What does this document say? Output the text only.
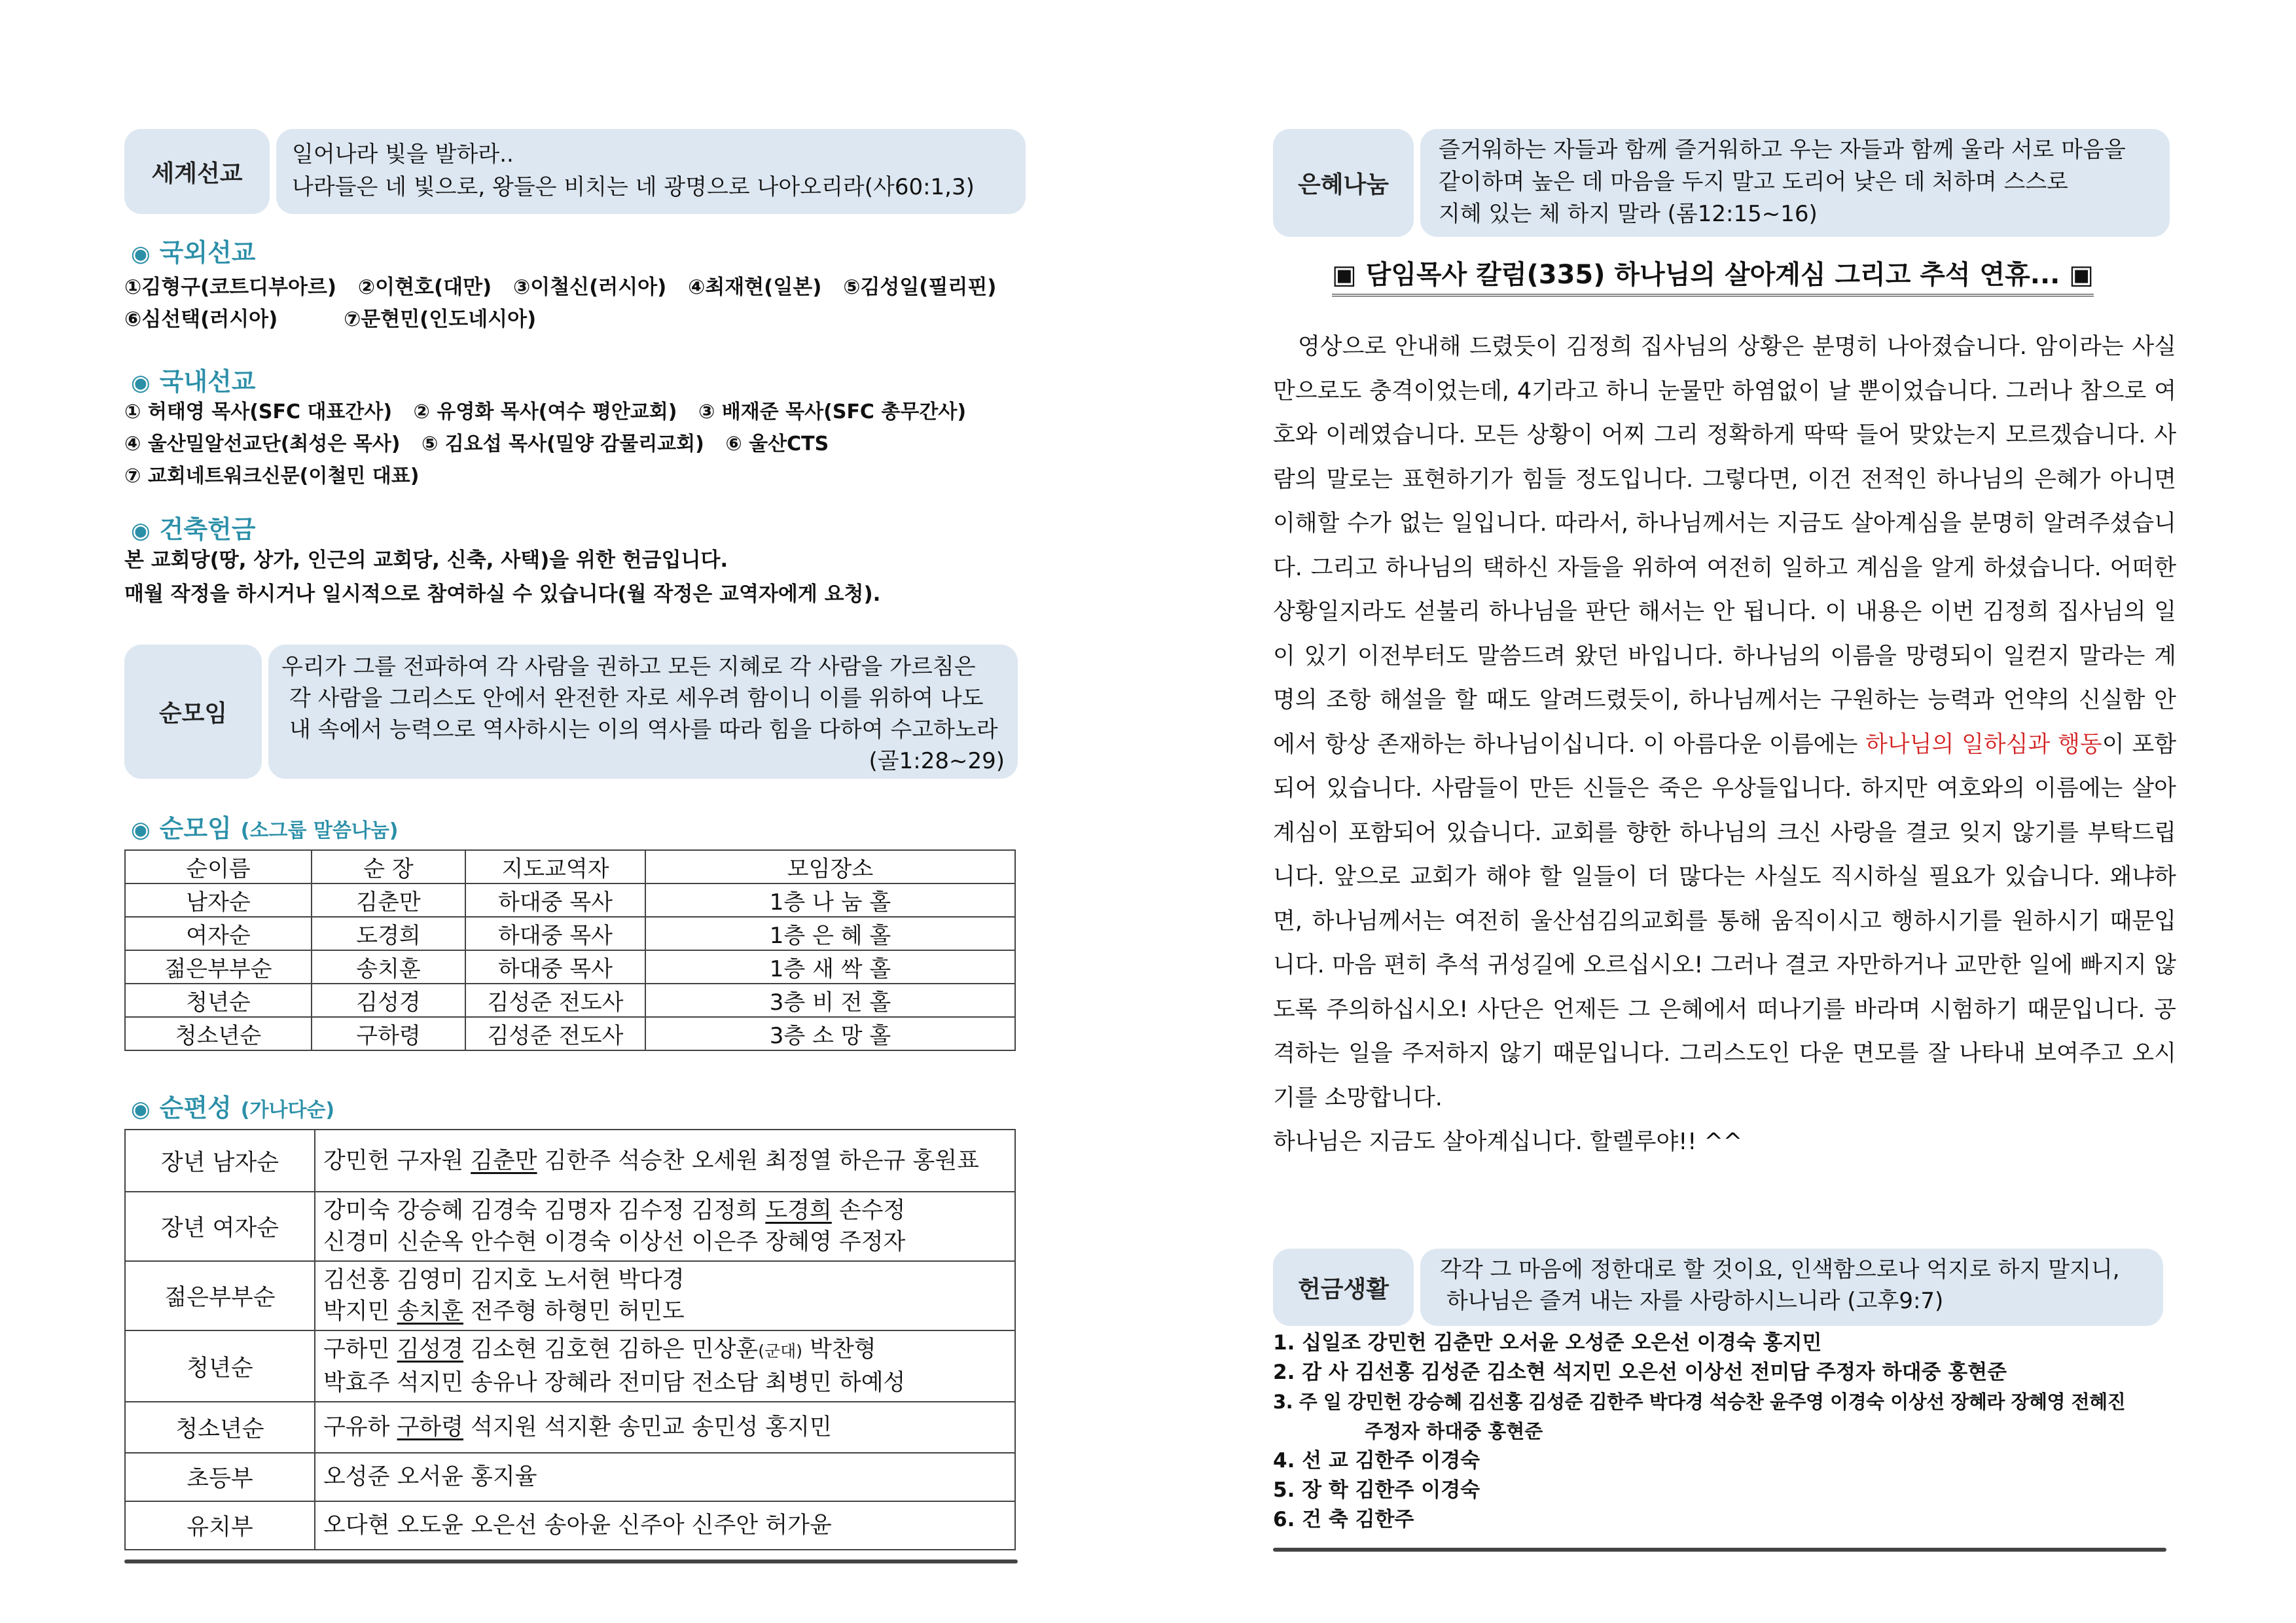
세계선교
일어나라 빛을 발하라..
나라들은 네 빛으로, 왕들은 비치는 네 광명으로 나아오리라(사60:1,3)
◉ 국외선교
①김형구(코트디부아르) ②이현호(대만) ③이철신(러시아) ④최재현(일본) ⑤김성일(필리핀)
⑥심선택(러시아)	⑦문현민(인도네시아)
◉ 국내선교
① 허태영 목사(SFC 대표간사) ② 유영화 목사(여수 평안교회) ③ 배재준 목사(SFC 총무간사)
④ 울산밀알선교단(최성은 목사) ⑤ 김요섭 목사(밀양 감물리교회) ⑥ 울산CTS
⑦ 교회네트워크신문(이철민 대표)
◉ 건축헌금
본 교회당(땅, 상가, 인근의 교회당, 신축, 사택)을 위한 헌금입니다.
매월 작정을 하시거나 일시적으로 참여하실 수 있습니다(월 작정은 교역자에게 요청).
순모임
우리가 그를 전파하여 각 사람을 권하고 모든 지혜로 각 사람을 가르침은
각 사람을 그리스도 안에서 완전한 자로 세우려 함이니 이를 위하여 나도
내 속에서 능력으로 역사하시는 이의 역사를 따라 힘을 다하여 수고하노라
(골1:28~29)
◉ 순모임 (소그룹 말씀나눔)
순이름	순 장	지도교역자	모임장소
남자순	김춘만	하대중 목사	1층 나 눔 홀
여자순	도경희	하대중 목사	1층 은 혜 홀
젊은부부순	송치훈	하대중 목사	1층 새 싹 홀
청년순	김성경	김성준 전도사	3층 비 전 홀
청소년순	구하령	김성준 전도사	3층 소 망 홀
◉ 순편성 (가나다순)
장년 남자순	강민헌 구자원 김춘만 김한주 석승찬 오세원 최정열 하은규 홍원표
장년 여자순	강미숙 강승혜 김경숙 김명자 김수정 김정희 도경희 손수정
신경미 신순옥 안수현 이경숙 이상선 이은주 장혜영 주정자

젊은부부순	김선홍 김영미 김지호 노서현 박다경
박지민 송치훈 전주형 하형민 허민도

청년순	구하민 김성경 김소현 김호현 김하은 민상훈(군대) 박찬형
박효주 석지민 송유나 장혜라 전미담 전소담 최병민 하예성

청소년순	구유하 구하령 석지원 석지환 송민교 송민성 홍지민
초등부	오성준 오서윤 홍지율
유치부	오다현 오도윤 오은선 송아윤 신주아 신주안 허가윤
은혜나눔
즐거워하는 자들과 함께 즐거워하고 우는 자들과 함께 울라 서로 마음을
같이하며 높은 데 마음을 두지 말고 도리어 낮은 데 처하며 스스로
지혜 있는 체 하지 말라 (롬12:15~16)
▣ 담임목사 칼럼(335) 하나님의 살아계심 그리고 추석 연휴... ▣
영상으로 안내해 드렸듯이 김정희 집사님의 상황은 분명히 나아졌습니다. 암이라는 사실만으로도 충격이었는데, 4기라고 하니 눈물만 하염없이 날 뿐이었습니다. 그러나 참으로 여호와 이레였습니다. 모든 상황이 어찌 그리 정확하게 딱딱 들어 맞았는지 모르겠습니다. 사람의 말로는 표현하기가 힘들 정도입니다. 그렇다면, 이건 전적인 하나님의 은혜가 아니면 이해할 수가 없는 일입니다. 따라서, 하나님께서는 지금도 살아계심을 분명히 알려주셨습니다. 그리고 하나님의 택하신 자들을 위하여 여전히 일하고 계심을 알게 하셨습니다. 어떠한 상황일지라도 섣불리 하나님을 판단 해서는 안 됩니다. 이 내용은 이번 김정희 집사님의 일이 있기 이전부터도 말씀드려 왔던 바입니다. 하나님의 이름을 망령되이 일컫지 말라는 계명의 조항 해설을 할 때도 알려드렸듯이, 하나님께서는 구원하는 능력과 언약의 신실함 안에서 항상 존재하는 하나님이십니다. 이 아름다운 이름에는 하나님의 일하심과 행동이 포함되어 있습니다. 사람들이 만든 신들은 죽은 우상들입니다. 하지만 여호와의 이름에는 살아계심이 포함되어 있습니다. 교회를 향한 하나님의 크신 사랑을 결코 잊지 않기를 부탁드립니다. 앞으로 교회가 해야 할 일들이 더 많다는 사실도 직시하실 필요가 있습니다. 왜냐하면, 하나님께서는 여전히 울산섬김의교회를 통해 움직이시고 행하시기를 원하시기 때문입니다. 마음 편히 추석 귀성길에 오르십시오! 그러나 결코 자만하거나 교만한 일에 빠지지 않도록 주의하십시오! 사단은 언제든 그 은혜에서 떠나기를 바라며 시험하기 때문입니다. 공격하는 일을 주저하지 않기 때문입니다. 그리스도인 다운 면모를 잘 나타내 보여주고 오시기를 소망합니다.
하나님은 지금도 살아계십니다. 할렐루야!! ^^
헌금생활
각각 그 마음에 정한대로 할 것이요, 인색함으로나 억지로 하지 말지니,
하나님은 즐겨 내는 자를 사랑하시느니라 (고후9:7)
1. 십일조 강민헌 김춘만 오서윤 오성준 오은선 이경숙 홍지민
2. 감 사 김선홍 김성준 김소현 석지민 오은선 이상선 전미담 주정자 하대중 홍현준
3. 주 일 강민헌 강승혜 김선홍 김성준 김한주 박다경 석승찬 윤주영 이경숙 이상선 장혜라 장혜영 전혜진
주정자 하대중 홍현준
4. 선 교 김한주 이경숙
5. 장 학 김한주 이경숙
6. 건 축 김한주
